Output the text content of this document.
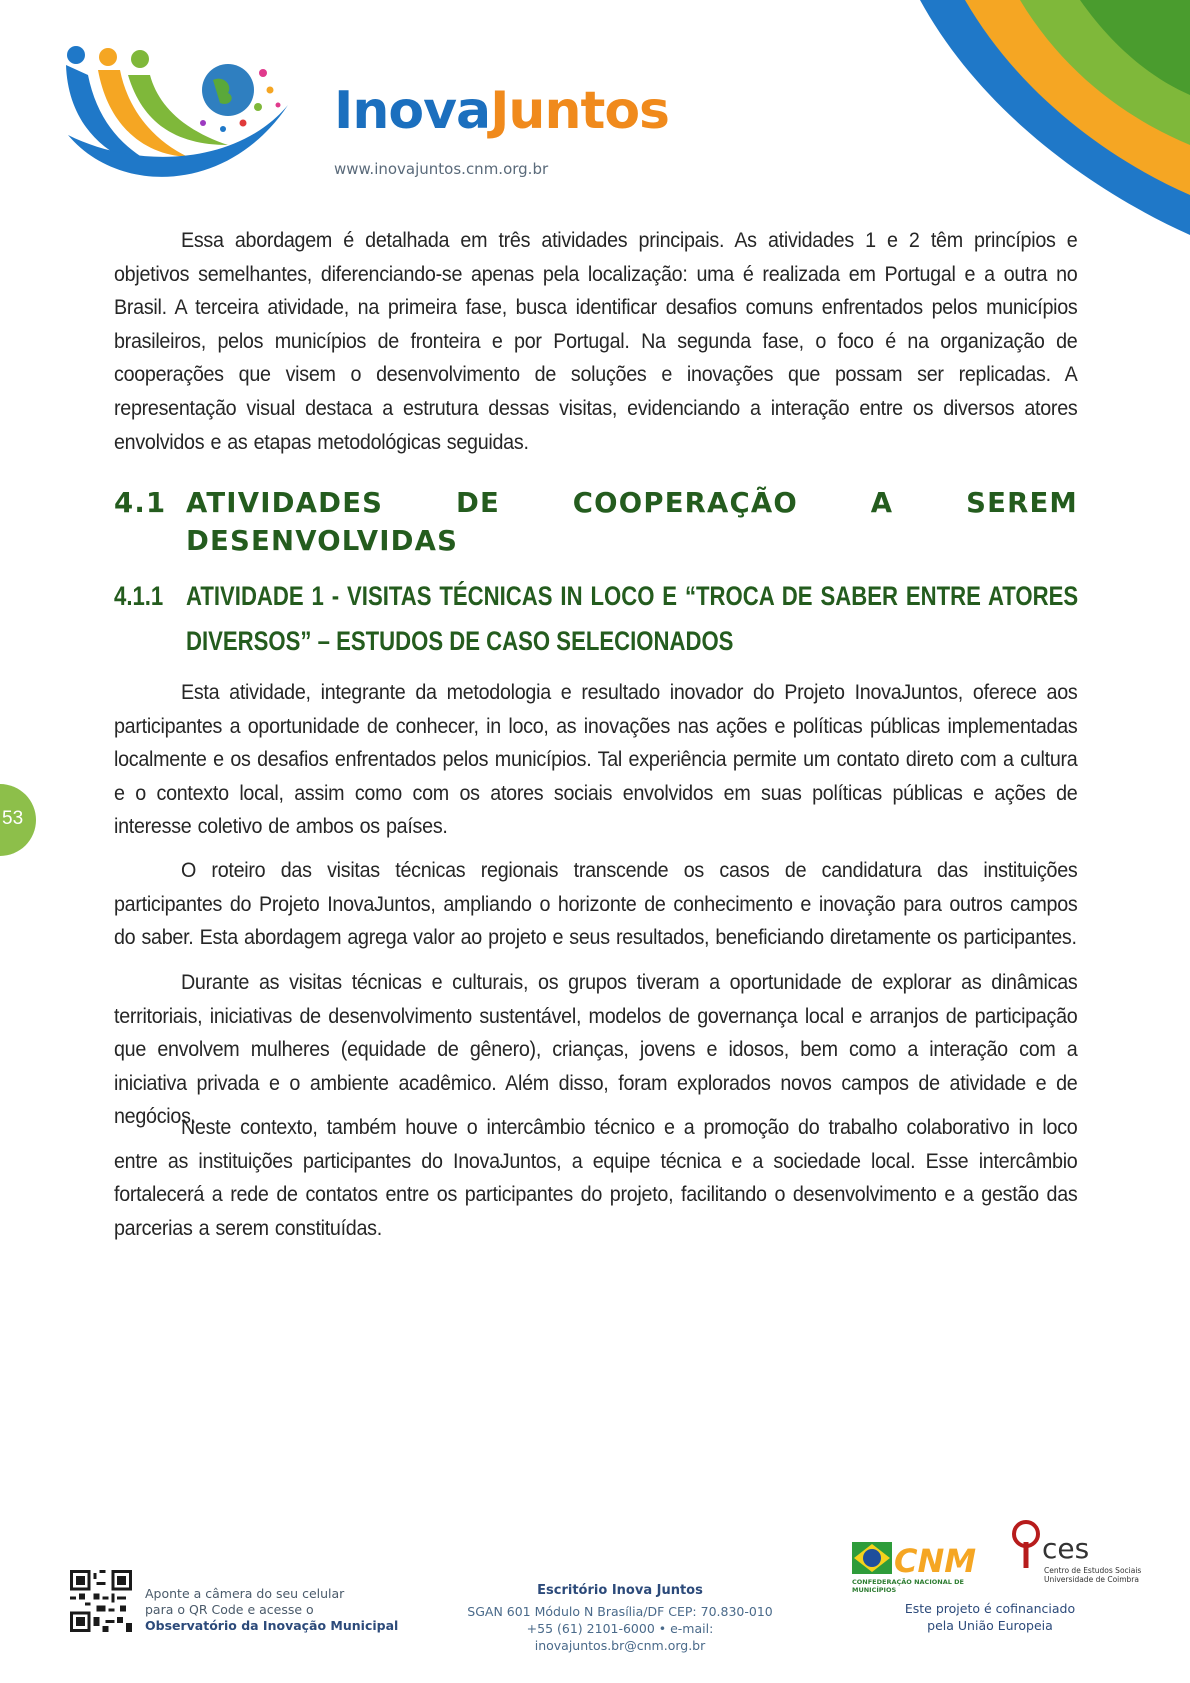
InovaJuntos
www.inovajuntos.cnm.org.br

Essa abordagem é detalhada em três atividades principais. As atividades 1 e 2 têm princípios e objetivos semelhantes, diferenciando-se apenas pela localização: uma é realizada em Portugal e a outra no Brasil. A terceira atividade, na primeira fase, busca identificar desafios comuns enfrentados pelos municípios brasileiros, pelos municípios de fronteira e por Portugal. Na segunda fase, o foco é na organização de cooperações que visem o desenvolvimento de soluções e inovações que possam ser replicadas. A representação visual destaca a estrutura dessas visitas, evidenciando a interação entre os diversos atores envolvidos e as etapas metodológicas seguidas.

4.1 ATIVIDADES DE COOPERAÇÃO A SEREM DESENVOLVIDAS
4.1.1 ATIVIDADE 1 - VISITAS TÉCNICAS IN LOCO E “TROCA DE SABER ENTRE ATORES DIVERSOS” – ESTUDOS DE CASO SELECIONADOS

Esta atividade, integrante da metodologia e resultado inovador do Projeto InovaJuntos, oferece aos participantes a oportunidade de conhecer, in loco, as inovações nas ações e políticas públicas implementadas localmente e os desafios enfrentados pelos municípios. Tal experiência permite um contato direto com a cultura e o contexto local, assim como com os atores sociais envolvidos em suas políticas públicas e ações de interesse coletivo de ambos os países.

O roteiro das visitas técnicas regionais transcende os casos de candidatura das instituições participantes do Projeto InovaJuntos, ampliando o horizonte de conhecimento e inovação para outros campos do saber. Esta abordagem agrega valor ao projeto e seus resultados, beneficiando diretamente os participantes.

Durante as visitas técnicas e culturais, os grupos tiveram a oportunidade de explorar as dinâmicas territoriais, iniciativas de desenvolvimento sustentável, modelos de governança local e arranjos de participação que envolvem mulheres (equidade de gênero), crianças, jovens e idosos, bem como a interação com a iniciativa privada e o ambiente acadêmico. Além disso, foram explorados novos campos de atividade e de negócios.

Neste contexto, também houve o intercâmbio técnico e a promoção do trabalho colaborativo in loco entre as instituições participantes do InovaJuntos, a equipe técnica e a sociedade local. Esse intercâmbio fortalecerá a rede de contatos entre os participantes do projeto, facilitando o desenvolvimento e a gestão das parcerias a serem constituídas.

53
Aponte a câmera do seu celular
para o QR Code e acesse o
Observatório da Inovação Municipal
Escritório Inova Juntos
SGAN 601 Módulo N Brasília/DF CEP: 70.830-010
+55 (61) 2101-6000 • e-mail: inovajuntos.br@cnm.org.br
CNM
CONFEDERAÇÃO NACIONAL DE MUNICÍPIOS
ces
Centro de Estudos Sociais
Universidade de Coimbra
Este projeto é cofinanciado
pela União Europeia
